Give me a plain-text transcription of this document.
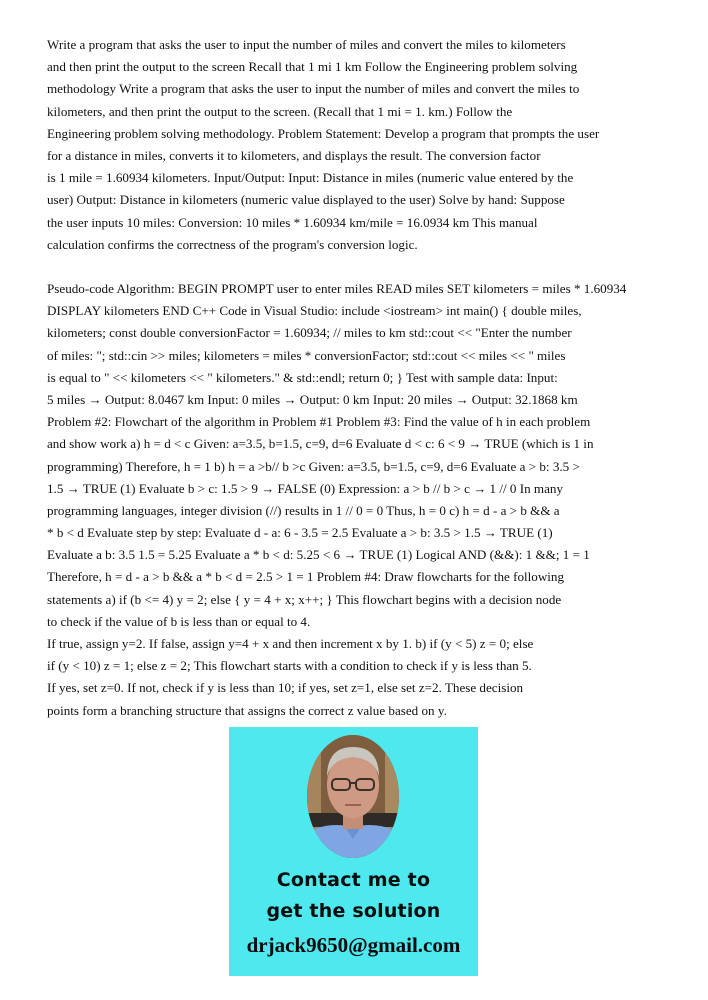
Write a program that asks the user to input the number of miles and convert the miles to kilometers
and then print the output to the screen Recall that 1 mi 1 km Follow the Engineering problem solving
methodology Write a program that asks the user to input the number of miles and convert the miles to
kilometers, and then print the output to the screen. (Recall that 1 mi = 1. km.) Follow the
Engineering problem solving methodology. Problem Statement: Develop a program that prompts the user
for a distance in miles, converts it to kilometers, and displays the result. The conversion factor
is 1 mile = 1.60934 kilometers. Input/Output: Input: Distance in miles (numeric value entered by the
user) Output: Distance in kilometers (numeric value displayed to the user) Solve by hand: Suppose
the user inputs 10 miles: Conversion: 10 miles * 1.60934 km/mile = 16.0934 km This manual
calculation confirms the correctness of the program's conversion logic.

Pseudo-code Algorithm: BEGIN PROMPT user to enter miles READ miles SET kilometers = miles * 1.60934
DISPLAY kilometers END C++ Code in Visual Studio: include <iostream> int main() { double miles,
kilometers; const double conversionFactor = 1.60934; // miles to km std::cout << "Enter the number
of miles: "; std::cin >> miles; kilometers = miles * conversionFactor; std::cout << miles << " miles
is equal to " << kilometers << " kilometers." & std::endl; return 0; } Test with sample data: Input:
5 miles → Output: 8.0467 km Input: 0 miles → Output: 0 km Input: 20 miles → Output: 32.1868 km
Problem #2: Flowchart of the algorithm in Problem #1 Problem #3: Find the value of h in each problem
and show work a) h = d < c Given: a=3.5, b=1.5, c=9, d=6 Evaluate d < c: 6 < 9 → TRUE (which is 1 in
programming) Therefore, h = 1 b) h = a >b// b >c Given: a=3.5, b=1.5, c=9, d=6 Evaluate a > b: 3.5 >
1.5 → TRUE (1) Evaluate b > c: 1.5 > 9 → FALSE (0) Expression: a > b // b > c → 1 // 0 In many
programming languages, integer division (//) results in 1 // 0 = 0 Thus, h = 0 c) h = d - a > b && a
* b < d Evaluate step by step: Evaluate d - a: 6 - 3.5 = 2.5 Evaluate a > b: 3.5 > 1.5 → TRUE (1)
Evaluate a b: 3.5 1.5 = 5.25 Evaluate a * b < d: 5.25 < 6 → TRUE (1) Logical AND (&&): 1 &&; 1 = 1
Therefore, h = d - a > b && a * b < d = 2.5 > 1 = 1 Problem #4: Draw flowcharts for the following
statements a) if (b <= 4) y = 2; else { y = 4 + x; x++; } This flowchart begins with a decision node
to check if the value of b is less than or equal to 4.

If true, assign y=2. If false, assign y=4 + x and then increment x by 1. b) if (y < 5) z = 0; else
if (y < 10) z = 1; else z = 2; This flowchart starts with a condition to check if y is less than 5.
If yes, set z=0. If not, check if y is less than 10; if yes, set z=1, else set z=2. These decision
points form a branching structure that assigns the correct z value based on y.

Contact me to
get the solution
drjack9650@gmail.com
